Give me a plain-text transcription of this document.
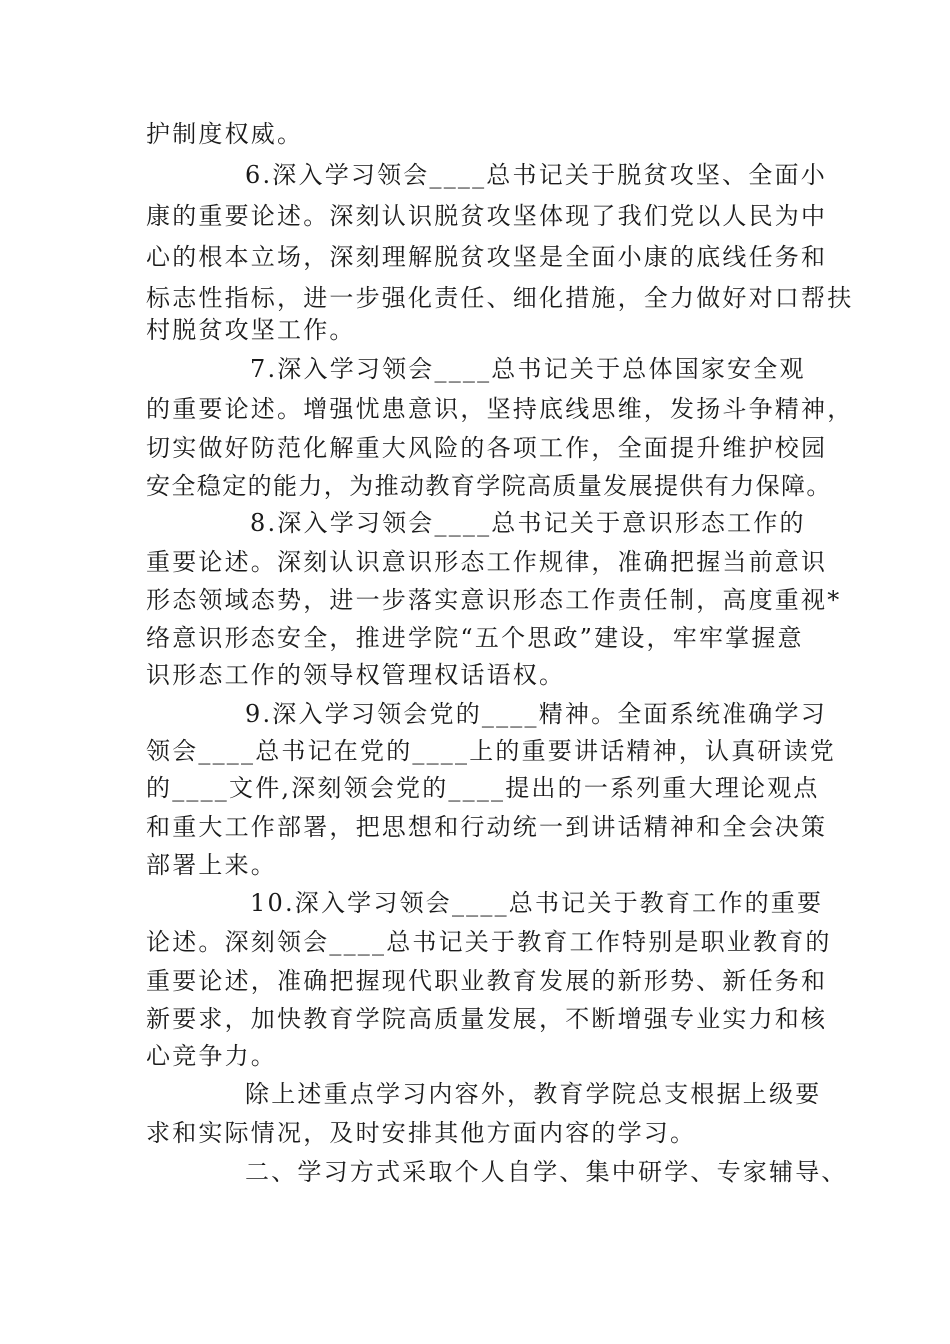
护制度权威。

6.深入学习领会____总书记关于脱贫攻坚、全面小

康的重要论述。深刻认识脱贫攻坚体现了我们党以人民为中

心的根本立场，深刻理解脱贫攻坚是全面小康的底线任务和

标志性指标，进一步强化责任、细化措施，全力做好对口帮扶

村脱贫攻坚工作。

7.深入学习领会____总书记关于总体国家安全观

的重要论述。增强忧患意识，坚持底线思维，发扬斗争精神，

切实做好防范化解重大风险的各项工作，全面提升维护校园

安全稳定的能力，为推动教育学院高质量发展提供有力保障。

8.深入学习领会____总书记关于意识形态工作的

重要论述。深刻认识意识形态工作规律，准确把握当前意识

形态领域态势，进一步落实意识形态工作责任制，高度重视*

络意识形态安全，推进学院“五个思政”建设，牢牢掌握意

识形态工作的领导权管理权话语权。

9.深入学习领会党的____精神。全面系统准确学习

领会____总书记在党的____上的重要讲话精神，认真研读党

的____文件,深刻领会党的____提出的一系列重大理论观点

和重大工作部署，把思想和行动统一到讲话精神和全会决策

部署上来。

10.深入学习领会____总书记关于教育工作的重要

论述。深刻领会____总书记关于教育工作特别是职业教育的

重要论述，准确把握现代职业教育发展的新形势、新任务和

新要求，加快教育学院高质量发展，不断增强专业实力和核

心竞争力。

除上述重点学习内容外，教育学院总支根据上级要

求和实际情况，及时安排其他方面内容的学习。

二、学习方式采取个人自学、集中研学、专家辅导、
